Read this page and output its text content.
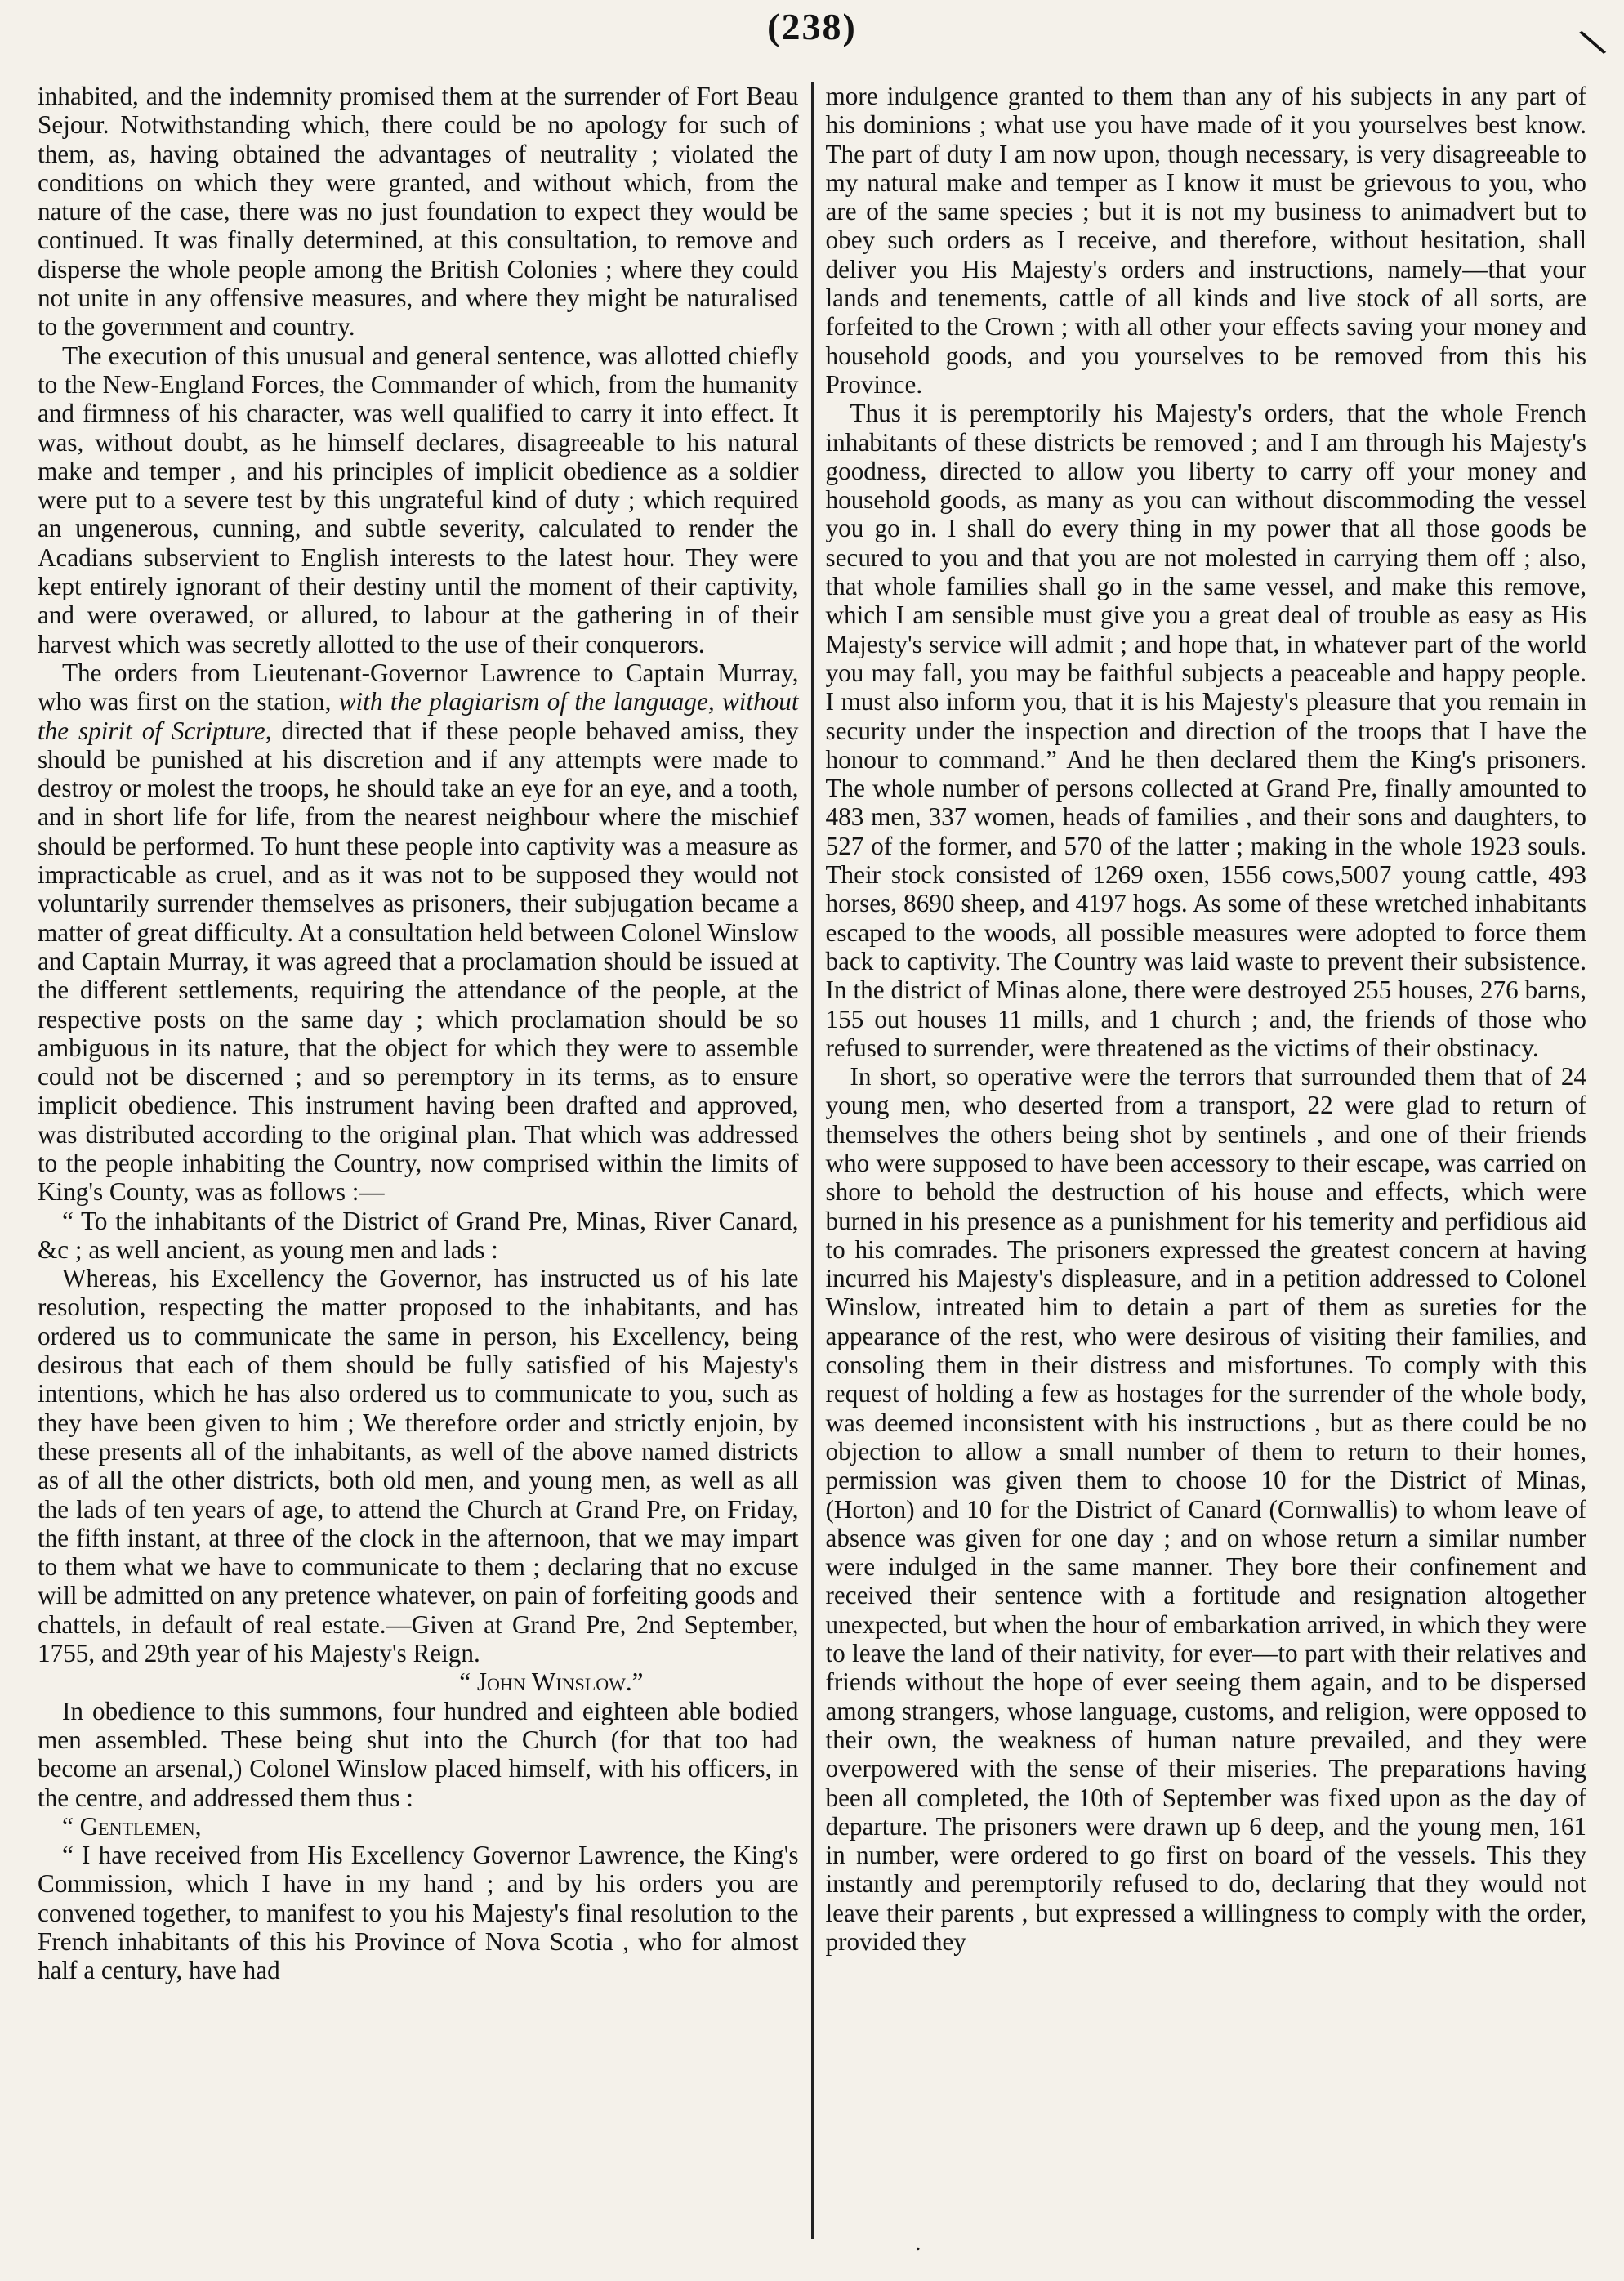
(238)	\

inhabited, and the indemnity promised them at the surrender of Fort Beau Sejour. Notwithstanding which, there could be no apology for such of them, as, having obtained the advantages of neutrality ; violated the conditions on which they were granted, and without which, from the nature of the case, there was no just foundation to expect they would be continued. It was finally determined, at this consultation, to remove and disperse the whole people among the British Colonies ; where they could not unite in any offensive measures, and where they might be naturalised to the government and country.

The execution of this unusual and general sentence, was allotted chiefly to the New-England Forces, the Commander of which, from the humanity and firmness of his character, was well qualified to carry it into effect. It was, without doubt, as he himself declares, disagreeable to his natural make and temper , and his principles of implicit obedience as a soldier were put to a severe test by this ungrateful kind of duty ; which required an ungenerous, cunning, and subtle severity, calculated to render the Acadians subservient to English interests to the latest hour. They were kept entirely ignorant of their destiny until the moment of their captivity, and were overawed, or allured, to labour at the gathering in of their harvest which was secretly allotted to the use of their conquerors.

The orders from Lieutenant-Governor Lawrence to Captain Murray, who was first on the station, with the plagiarism of the language, without the spirit of Scripture, directed that if these people behaved amiss, they should be punished at his discretion and if any attempts were made to destroy or molest the troops, he should take an eye for an eye, and a tooth, and in short life for life, from the nearest neighbour where the mischief should be performed. To hunt these people into captivity was a measure as impracticable as cruel, and as it was not to be supposed they would not voluntarily surrender themselves as prisoners, their subjugation became a matter of great difficulty. At a consultation held between Colonel Winslow and Captain Murray, it was agreed that a proclamation should be issued at the different settlements, requiring the attendance of the people, at the respective posts on the same day ; which proclamation should be so ambiguous in its nature, that the object for which they were to assemble could not be discerned ; and so peremptory in its terms, as to ensure implicit obedience. This instrument having been drafted and approved, was distributed according to the original plan. That which was addressed to the people inhabiting the Country, now comprised within the limits of King's County, was as follows :—

“ To the inhabitants of the District of Grand Pre, Minas, River Canard, &c ; as well ancient, as young men and lads :

Whereas, his Excellency the Governor, has instructed us of his late resolution, respecting the matter proposed to the inhabitants, and has ordered us to communicate the same in person, his Excellency, being desirous that each of them should be fully satisfied of his Majesty's intentions, which he has also ordered us to communicate to you, such as they have been given to him ; We therefore order and strictly enjoin, by these presents all of the inhabitants, as well of the above named districts as of all the other districts, both old men, and young men, as well as all the lads of ten years of age, to attend the Church at Grand Pre, on Friday, the fifth instant, at three of the clock in the afternoon, that we may impart to them what we have to communicate to them ; declaring that no excuse will be admitted on any pretence whatever, on pain of forfeiting goods and chattels, in default of real estate.—Given at Grand Pre, 2nd September, 1755, and 29th year of his Majesty's Reign.

“ John Winslow.”

In obedience to this summons, four hundred and eighteen able bodied men assembled. These being shut into the Church (for that too had become an arsenal,) Colonel Winslow placed himself, with his officers, in the centre, and addressed them thus :

“ Gentlemen,

“ I have received from His Excellency Governor Lawrence, the King's Commission, which I have in my hand ; and by his orders you are convened together, to manifest to you his Majesty's final resolution to the French inhabitants of this his Province of Nova Scotia , who for almost half a century, have had

more indulgence granted to them than any of his subjects in any part of his dominions ; what use you have made of it you yourselves best know. The part of duty I am now upon, though necessary, is very disagreeable to my natural make and temper as I know it must be grievous to you, who are of the same species ; but it is not my business to animadvert but to obey such orders as I receive, and therefore, without hesitation, shall deliver you His Majesty's orders and instructions, namely—that your lands and tenements, cattle of all kinds and live stock of all sorts, are forfeited to the Crown ; with all other your effects saving your money and household goods, and you yourselves to be removed from this his Province.

Thus it is peremptorily his Majesty's orders, that the whole French inhabitants of these districts be removed ; and I am through his Majesty's goodness, directed to allow you liberty to carry off your money and household goods, as many as you can without discommoding the vessel you go in. I shall do every thing in my power that all those goods be secured to you and that you are not molested in carrying them off ; also, that whole families shall go in the same vessel, and make this remove, which I am sensible must give you a great deal of trouble as easy as His Majesty's service will admit ; and hope that, in whatever part of the world you may fall, you may be faithful subjects a peaceable and happy people. I must also inform you, that it is his Majesty's pleasure that you remain in security under the inspection and direction of the troops that I have the honour to command.” And he then declared them the King's prisoners. The whole number of persons collected at Grand Pre, finally amounted to 483 men, 337 women, heads of families , and their sons and daughters, to 527 of the former, and 570 of the latter ; making in the whole 1923 souls. Their stock consisted of 1269 oxen, 1556 cows,5007 young cattle, 493 horses, 8690 sheep, and 4197 hogs. As some of these wretched inhabitants escaped to the woods, all possible measures were adopted to force them back to captivity. The Country was laid waste to prevent their subsistence. In the district of Minas alone, there were destroyed 255 houses, 276 barns, 155 out houses 11 mills, and 1 church ; and, the friends of those who refused to surrender, were threatened as the victims of their obstinacy.

In short, so operative were the terrors that surrounded them that of 24 young men, who deserted from a transport, 22 were glad to return of themselves the others being shot by sentinels , and one of their friends who were supposed to have been accessory to their escape, was carried on shore to behold the destruction of his house and effects, which were burned in his presence as a punishment for his temerity and perfidious aid to his comrades. The prisoners expressed the greatest concern at having incurred his Majesty's displeasure, and in a petition addressed to Colonel Winslow, intreated him to detain a part of them as sureties for the appearance of the rest, who were desirous of visiting their families, and consoling them in their distress and misfortunes. To comply with this request of holding a few as hostages for the surrender of the whole body, was deemed inconsistent with his instructions , but as there could be no objection to allow a small number of them to return to their homes, permission was given them to choose 10 for the District of Minas, (Horton) and 10 for the District of Canard (Cornwallis) to whom leave of absence was given for one day ; and on whose return a similar number were indulged in the same manner. They bore their confinement and received their sentence with a fortitude and resignation altogether unexpected, but when the hour of embarkation arrived, in which they were to leave the land of their nativity, for ever—to part with their relatives and friends without the hope of ever seeing them again, and to be dispersed among strangers, whose language, customs, and religion, were opposed to their own, the weakness of human nature prevailed, and they were overpowered with the sense of their miseries. The preparations having been all completed, the 10th of September was fixed upon as the day of departure. The prisoners were drawn up 6 deep, and the young men, 161 in number, were ordered to go first on board of the vessels. This they instantly and peremptorily refused to do, declaring that they would not leave their parents , but expressed a willingness to comply with the order, provided they

.
